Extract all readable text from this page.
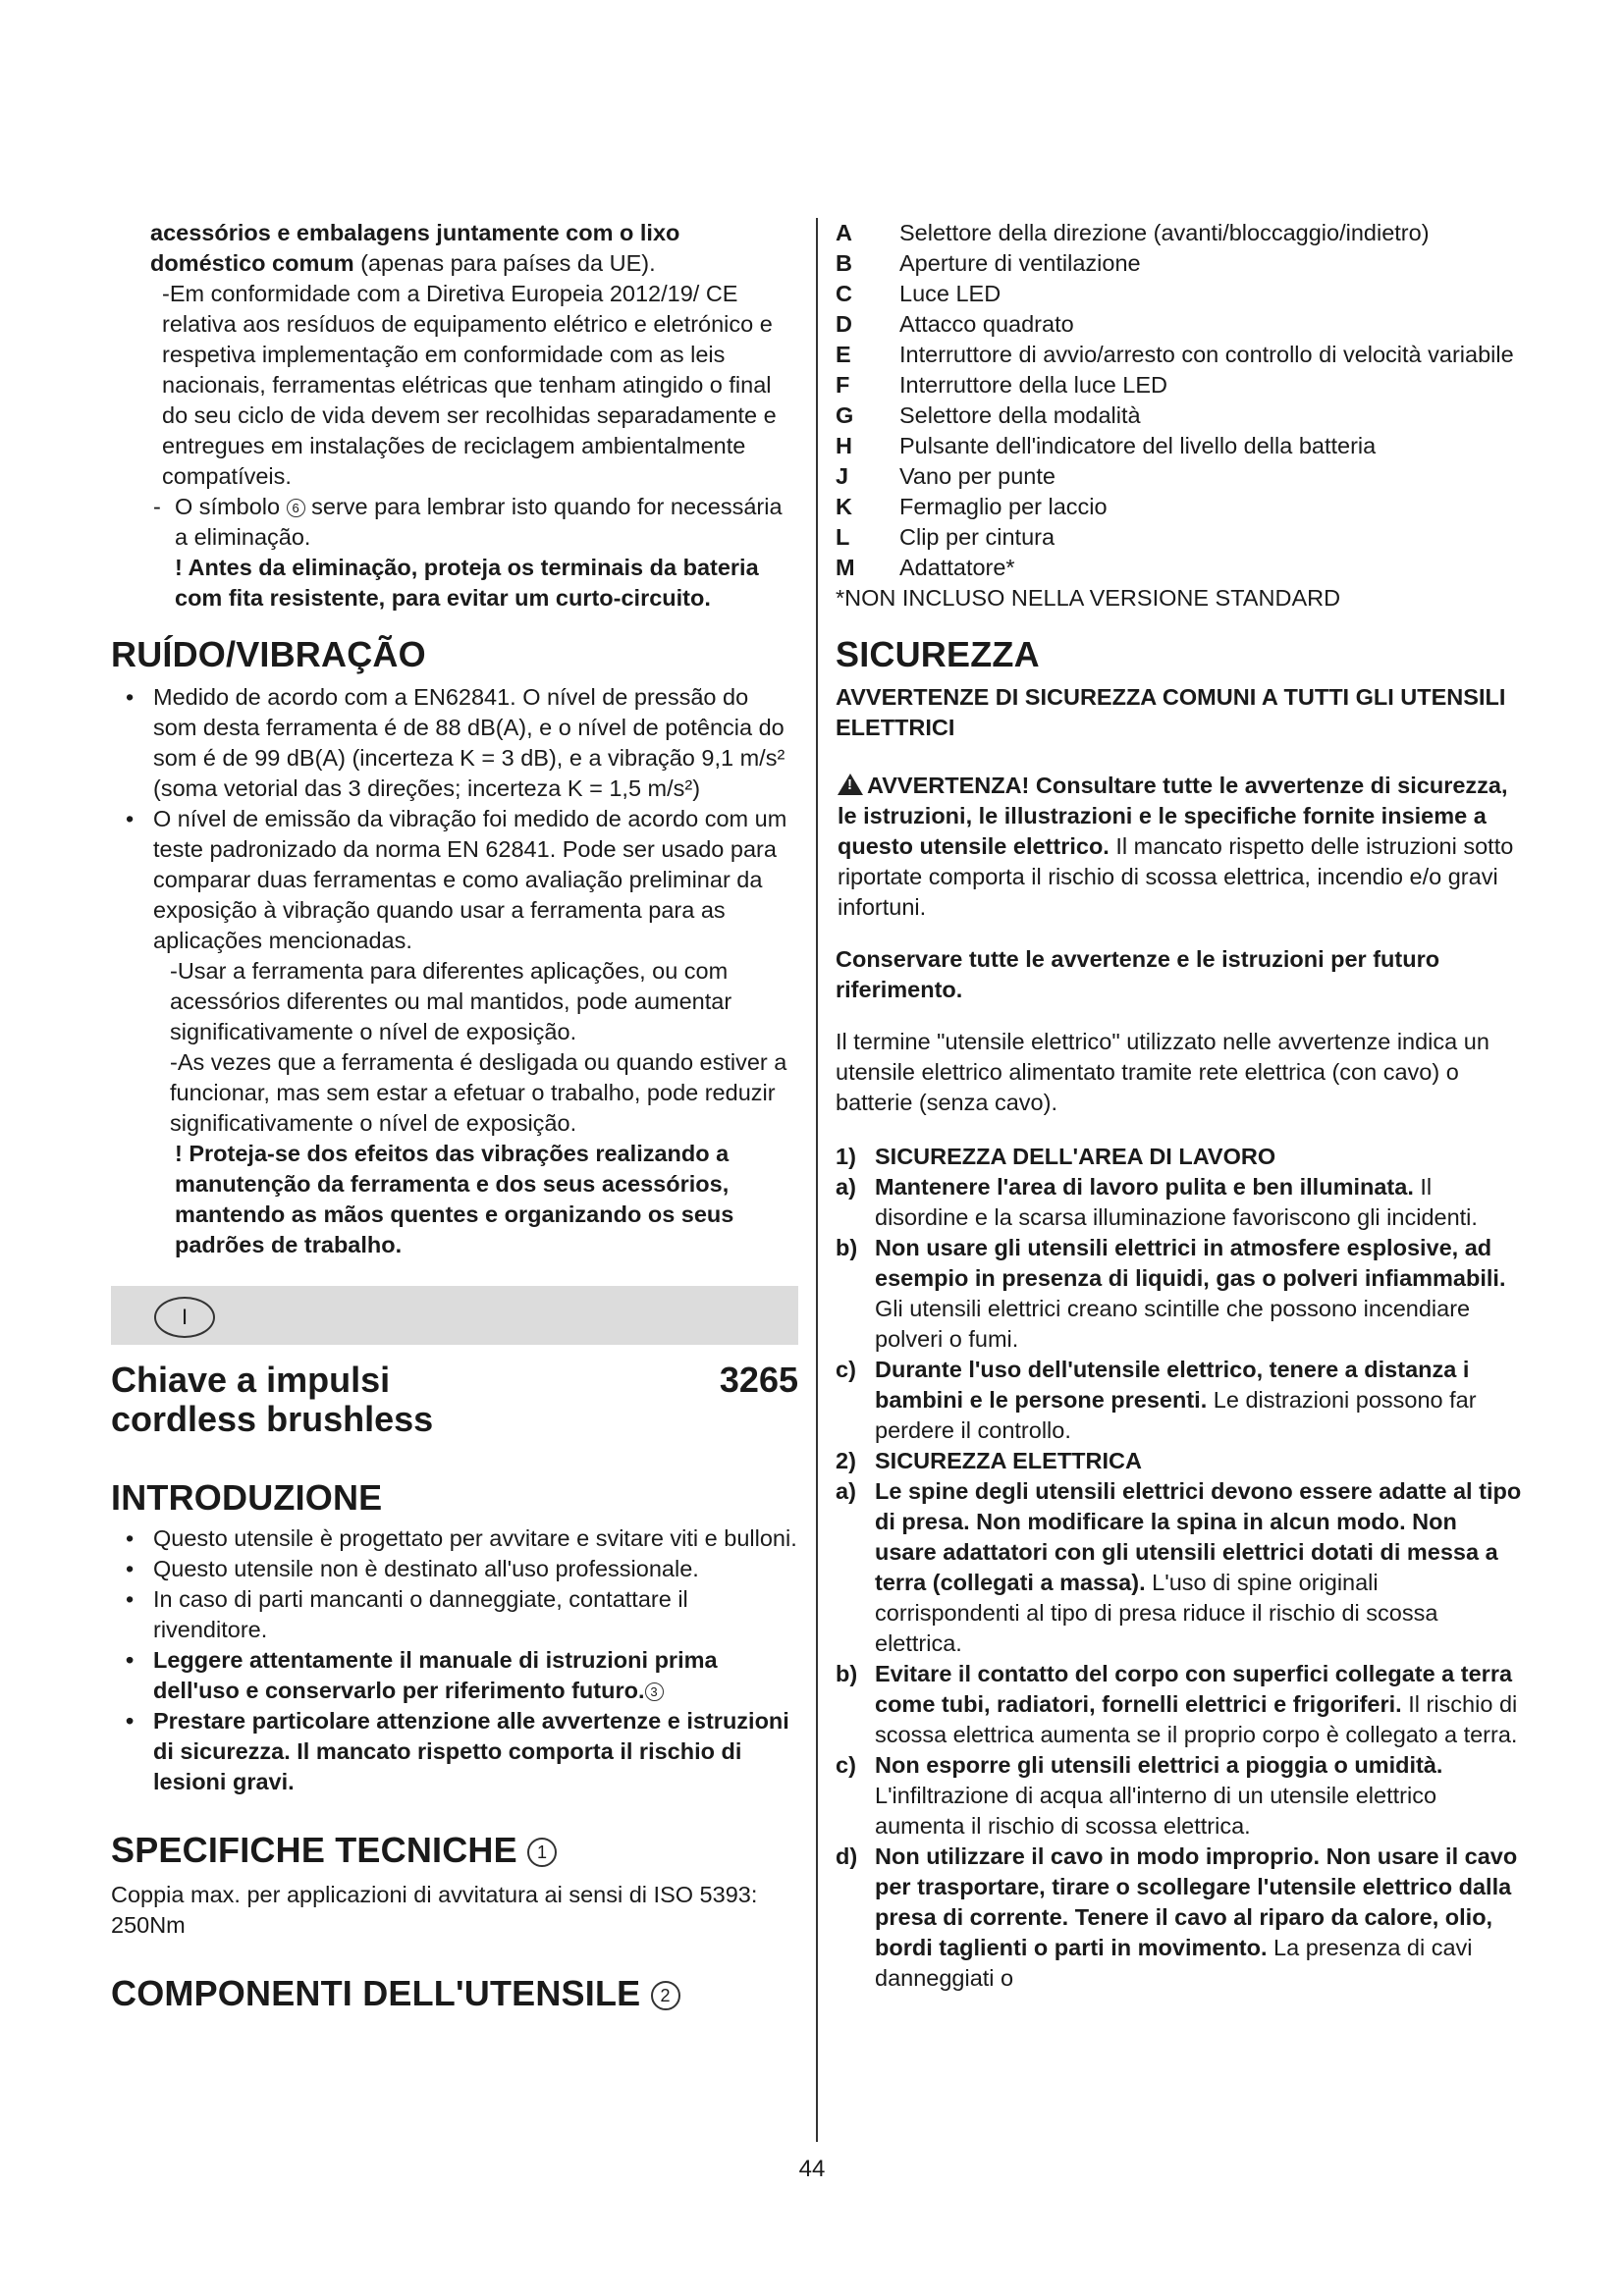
acessórios e embalagens juntamente com o lixo doméstico comum (apenas para países da UE).

-Em conformidade com a Diretiva Europeia 2012/19/ CE relativa aos resíduos de equipamento elétrico e eletrónico e respetiva implementação em conformidade com as leis nacionais, ferramentas elétricas que tenham atingido o final do seu ciclo de vida devem ser recolhidas separadamente e entregues em instalações de reciclagem ambientalmente compatíveis.

- O símbolo 6 serve para lembrar isto quando for necessária a eliminação.

! Antes da eliminação, proteja os terminais da bateria com fita resistente, para evitar um curto-circuito.

RUÍDO/VIBRAÇÃO
• Medido de acordo com a EN62841. O nível de pressão do som desta ferramenta é de 88 dB(A), e o nível de potência do som é de 99 dB(A) (incerteza K = 3 dB), e a vibração 9,1 m/s² (soma vetorial das 3 direções; incerteza K = 1,5 m/s²)
• O nível de emissão da vibração foi medido de acordo com um teste padronizado da norma EN 62841. Pode ser usado para comparar duas ferramentas e como avaliação preliminar da exposição à vibração quando usar a ferramenta para as aplicações mencionadas.

-Usar a ferramenta para diferentes aplicações, ou com acessórios diferentes ou mal mantidos, pode aumentar significativamente o nível de exposição.

-As vezes que a ferramenta é desligada ou quando estiver a funcionar, mas sem estar a efetuar o trabalho, pode reduzir significativamente o nível de exposição.

! Proteja-se dos efeitos das vibrações realizando a manutenção da ferramenta e dos seus acessórios, mantendo as mãos quentes e organizando os seus padrões de trabalho.

I
Chiave a impulsi
cordless brushless
3265
INTRODUZIONE
• Questo utensile è progettato per avvitare e svitare viti e bulloni.
• Questo utensile non è destinato all'uso professionale.
• In caso di parti mancanti o danneggiate, contattare il rivenditore.
• Leggere attentamente il manuale di istruzioni prima dell'uso e conservarlo per riferimento futuro. 3
• Prestare particolare attenzione alle avvertenze e istruzioni di sicurezza. Il mancato rispetto comporta il rischio di lesioni gravi.
SPECIFICHE TECNICHE 1

Coppia max. per applicazioni di avvitatura ai sensi di ISO 5393: 250Nm

COMPONENTI DELL'UTENSILE 2
A	Selettore della direzione (avanti/bloccaggio/indietro)
B	Aperture di ventilazione
C	Luce LED
D	Attacco quadrato
E	Interruttore di avvio/arresto con controllo di velocità variabile
F	Interruttore della luce LED
G	Selettore della modalità
H	Pulsante dell'indicatore del livello della batteria
J	Vano per punte
K	Fermaglio per laccio
L	Clip per cintura
M	Adattatore*

*NON INCLUSO NELLA VERSIONE STANDARD

SICUREZZA

AVVERTENZE DI SICUREZZA COMUNI A TUTTI GLI UTENSILI ELETTRICI

! AVVERTENZA! Consultare tutte le avvertenze di sicurezza, le istruzioni, le illustrazioni e le specifiche fornite insieme a questo utensile elettrico. Il mancato rispetto delle istruzioni sotto riportate comporta il rischio di scossa elettrica, incendio e/o gravi infortuni.

Conservare tutte le avvertenze e le istruzioni per futuro riferimento.

Il termine "utensile elettrico" utilizzato nelle avvertenze indica un utensile elettrico alimentato tramite rete elettrica (con cavo) o batterie (senza cavo).

1) SICUREZZA DELL'AREA DI LAVORO
a) Mantenere l'area di lavoro pulita e ben illuminata. Il disordine e la scarsa illuminazione favoriscono gli incidenti.
b) Non usare gli utensili elettrici in atmosfere esplosive, ad esempio in presenza di liquidi, gas o polveri infiammabili. Gli utensili elettrici creano scintille che possono incendiare polveri o fumi.
c) Durante l'uso dell'utensile elettrico, tenere a distanza i bambini e le persone presenti. Le distrazioni possono far perdere il controllo.
2) SICUREZZA ELETTRICA
a) Le spine degli utensili elettrici devono essere adatte al tipo di presa. Non modificare la spina in alcun modo. Non usare adattatori con gli utensili elettrici dotati di messa a terra (collegati a massa). L'uso di spine originali corrispondenti al tipo di presa riduce il rischio di scossa elettrica.
b) Evitare il contatto del corpo con superfici collegate a terra come tubi, radiatori, fornelli elettrici e frigoriferi. Il rischio di scossa elettrica aumenta se il proprio corpo è collegato a terra.
c) Non esporre gli utensili elettrici a pioggia o umidità. L'infiltrazione di acqua all'interno di un utensile elettrico aumenta il rischio di scossa elettrica.
d) Non utilizzare il cavo in modo improprio. Non usare il cavo per trasportare, tirare o scollegare l'utensile elettrico dalla presa di corrente. Tenere il cavo al riparo da calore, olio, bordi taglienti o parti in movimento. La presenza di cavi danneggiati o
44
